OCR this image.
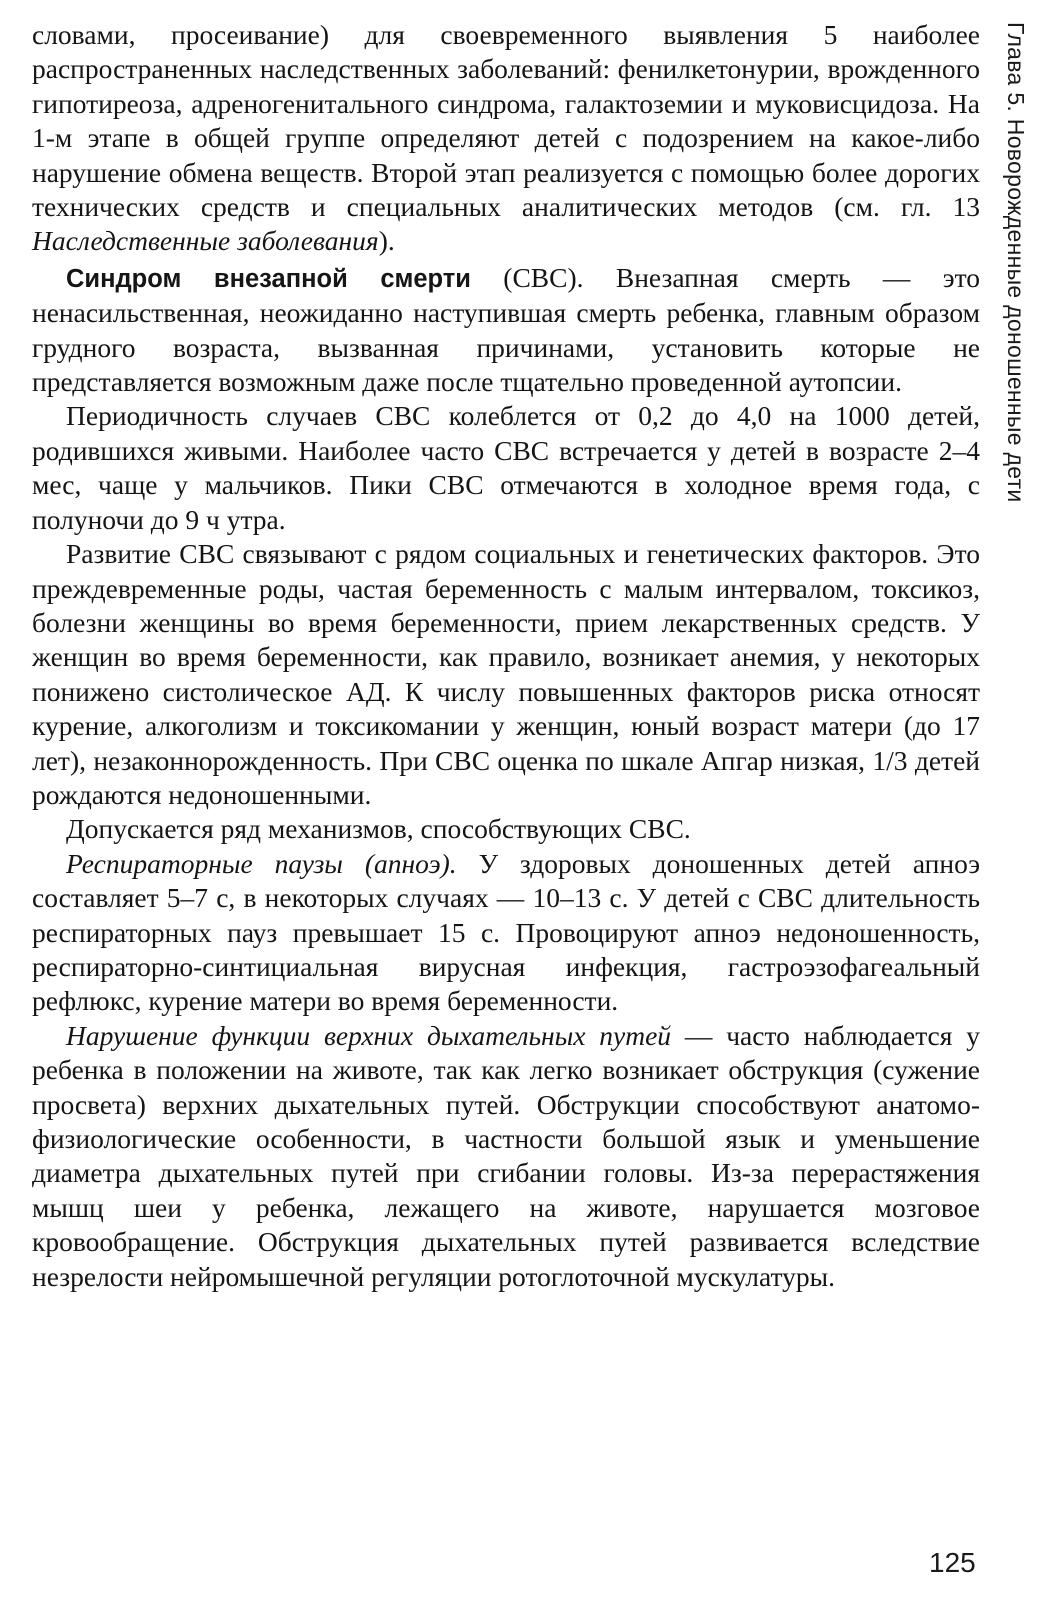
словами, просеивание) для своевременного выявления 5 наиболее распространенных наследственных заболеваний: фенилкетонурии, врожденного гипотиреоза, адреногенитального синдрома, галактоземии и муковисцидоза. На 1-м этапе в общей группе определяют детей с подозрением на какое-либо нарушение обмена веществ. Второй этап реализуется с помощью более дорогих технических средств и специальных аналитических методов (см. гл. 13 Наследственные заболевания).

Синдром внезапной смерти (СВС). Внезапная смерть — это ненасильственная, неожиданно наступившая смерть ребенка, главным образом грудного возраста, вызванная причинами, установить которые не представляется возможным даже после тщательно проведенной аутопсии.

Периодичность случаев СВС колеблется от 0,2 до 4,0 на 1000 детей, родившихся живыми. Наиболее часто СВС встречается у детей в возрасте 2–4 мес, чаще у мальчиков. Пики СВС отмечаются в холодное время года, с полуночи до 9 ч утра.

Развитие СВС связывают с рядом социальных и генетических факторов. Это преждевременные роды, частая беременность с малым интервалом, токсикоз, болезни женщины во время беременности, прием лекарственных средств. У женщин во время беременности, как правило, возникает анемия, у некоторых понижено систолическое АД. К числу повышенных факторов риска относят курение, алкоголизм и токсикомании у женщин, юный возраст матери (до 17 лет), незаконнорожденность. При СВС оценка по шкале Апгар низкая, 1/3 детей рождаются недоношенными.

Допускается ряд механизмов, способствующих СВС.

Респираторные паузы (апноэ). У здоровых доношенных детей апноэ составляет 5–7 с, в некоторых случаях — 10–13 с. У детей с СВС длительность респираторных пауз превышает 15 с. Провоцируют апноэ недоношенность, респираторно-синтициальная вирусная инфекция, гастроэзофагеальный рефлюкс, курение матери во время беременности.

Нарушение функции верхних дыхательных путей — часто наблюдается у ребенка в положении на животе, так как легко возникает обструкция (сужение просвета) верхних дыхательных путей. Обструкции способствуют анатомо-физиологические особенности, в частности большой язык и уменьшение диаметра дыхательных путей при сгибании головы. Из-за перерастяжения мышц шеи у ребенка, лежащего на животе, нарушается мозговое кровообращение. Обструкция дыхательных путей развивается вследствие незрелости нейромышечной регуляции ротоглоточной мускулатуры.

Глава 5. Новорожденные доношенные дети
125
